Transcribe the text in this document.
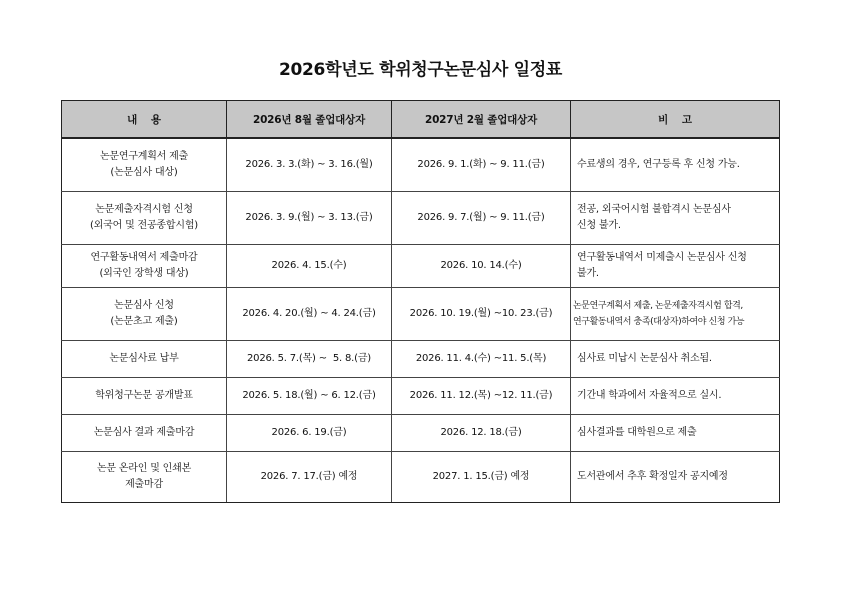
2026학년도 학위청구논문심사 일정표
내    용	2026년 8월 졸업대상자	2027년 2월 졸업대상자	비    고

논문연구계획서 제출
(논문심사 대상)	2026. 3. 3.(화) ~ 3. 16.(월)	2026. 9. 1.(화) ~ 9. 11.(금)	수료생의 경우, 연구등록 후 신청 가능.

논문제출자격시험 신청
(외국어 및 전공종합시험)	2026. 3. 9.(월) ~ 3. 13.(금)	2026. 9. 7.(월) ~ 9. 11.(금)	전공, 외국어시험 불합격시 논문심사
신청 불가.

연구활동내역서 제출마감
(외국인 장학생 대상)	2026. 4. 15.(수)	2026. 10. 14.(수)	연구활동내역서 미제출시 논문심사 신청
불가.

논문심사 신청
(논문초고 제출)	2026. 4. 20.(월) ~ 4. 24.(금)	2026. 10. 19.(월) ~10. 23.(금)	논문연구계획서 제출, 논문제출자격시험 합격,
연구활동내역서 충족(대상자)하여야 신청 가능

논문심사료 납부	2026. 5. 7.(목) ~  5. 8.(금)	2026. 11. 4.(수) ~11. 5.(목)	심사료 미납시 논문심사 취소됨.

학위청구논문 공개발표	2026. 5. 18.(월) ~ 6. 12.(금)	2026. 11. 12.(목) ~12. 11.(금)	기간내 학과에서 자율적으로 실시.

논문심사 결과 제출마감	2026. 6. 19.(금)	2026. 12. 18.(금)	심사결과를 대학원으로 제출

논문 온라인 및 인쇄본
제출마감	2026. 7. 17.(금) 예정	2027. 1. 15.(금) 예정	도서관에서 추후 확정일자 공지예정
